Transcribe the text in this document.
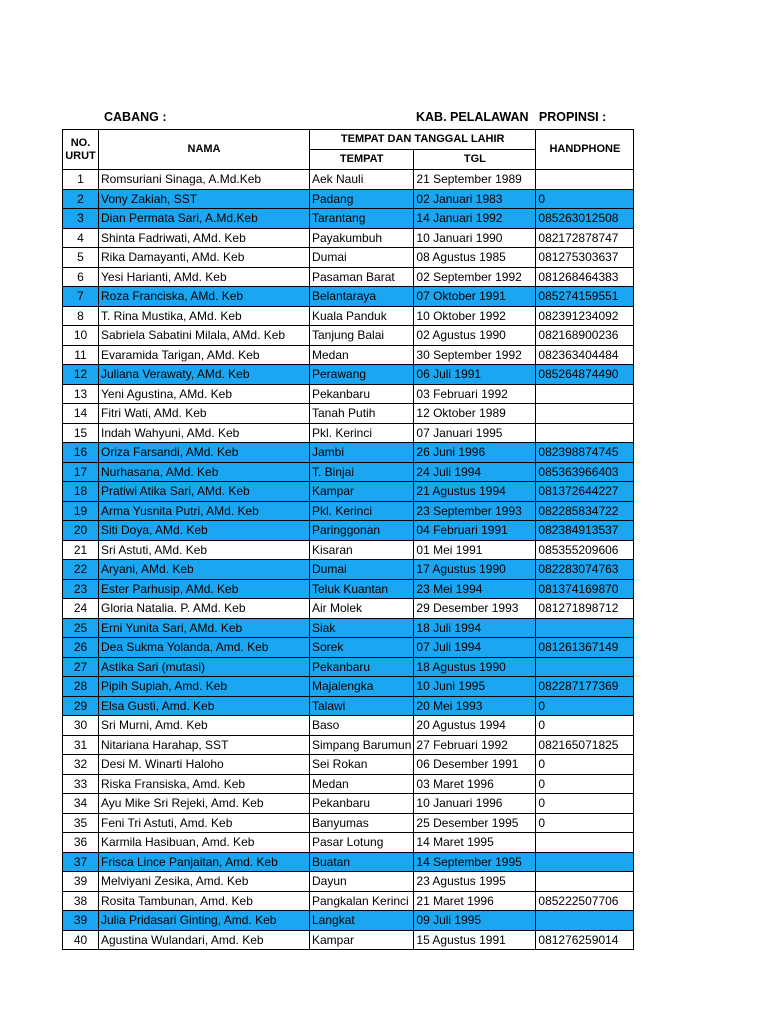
CABANG :	KAB. PELALAWAN   PROPINSI :
NO. URUT	NAMA	TEMPAT DAN TANGGAL LAHIR		HANDPHONE
		TEMPAT	TGL	
1	Romsuriani Sinaga, A.Md.Keb	Aek Nauli	21 September 1989	
2	Vony Zakiah, SST	Padang	02 Januari 1983	0
3	Dian Permata Sari, A.Md.Keb	Tarantang	14 Januari 1992	085263012508
4	Shinta Fadriwati, AMd. Keb	Payakumbuh	10 Januari 1990	082172878747
5	Rika Damayanti, AMd. Keb	Dumai	08 Agustus 1985	081275303637
6	Yesi Harianti, AMd. Keb	Pasaman Barat	02 September 1992	081268464383
7	Roza Franciska, AMd. Keb	Belantaraya	07 Oktober 1991	085274159551
8	T. Rina Mustika, AMd. Keb	Kuala Panduk	10 Oktober 1992	082391234092
10	Sabriela Sabatini Milala, AMd. Keb	Tanjung Balai	02 Agustus 1990	082168900236
11	Evaramida Tarigan, AMd. Keb	Medan	30 September 1992	082363404484
12	Juliana Verawaty, AMd. Keb	Perawang	06 Juli 1991	085264874490
13	Yeni Agustina, AMd. Keb	Pekanbaru	03 Februari 1992	
14	Fitri Wati, AMd. Keb	Tanah Putih	12 Oktober 1989	
15	Indah Wahyuni, AMd. Keb	Pkl. Kerinci	07 Januari 1995	
16	Oriza Farsandi, AMd. Keb	Jambi	26 Juni 1996	082398874745
17	Nurhasana, AMd. Keb	T. Binjai	24 Juli 1994	085363966403
18	Pratiwi Atika Sari, AMd. Keb	Kampar	21 Agustus 1994	081372644227
19	Arma Yusnita Putri, AMd. Keb	Pkl. Kerinci	23 September 1993	082285834722
20	Siti Doya, AMd. Keb	Paringgonan	04 Februari 1991	082384913537
21	Sri Astuti, AMd. Keb	Kisaran	01 Mei 1991	085355209606
22	Aryani, AMd. Keb	Dumai	17 Agustus 1990	082283074763
23	Ester Parhusip, AMd. Keb	Teluk Kuantan	23 Mei 1994	081374169870
24	Gloria Natalia. P. AMd. Keb	Air Molek	29 Desember 1993	081271898712
25	Erni Yunita Sari, AMd. Keb	Siak	18 Juli 1994	
26	Dea Sukma Yolanda, Amd. Keb	Sorek	07 Juli 1994	081261367149
27	Astika Sari (mutasi)	Pekanbaru	18 Agustus 1990	
28	Pipih Supiah, Amd. Keb	Majalengka	10 Juni 1995	082287177369
29	Elsa Gusti, Amd. Keb	Talawi	20 Mei 1993	0
30	Sri Murni, Amd. Keb	Baso	20 Agustus 1994	0
31	Nitariana Harahap, SST	Simpang Barumun	27 Februari 1992	082165071825
32	Desi M. Winarti Haloho	Sei Rokan	06 Desember 1991	0
33	Riska Fransiska, Amd. Keb	Medan	03 Maret 1996	0
34	Ayu Mike Sri Rejeki, Amd. Keb	Pekanbaru	10 Januari 1996	0
35	Feni Tri Astuti, Amd. Keb	Banyumas	25 Desember 1995	0
36	Karmila Hasibuan, Amd. Keb	Pasar Lotung	14 Maret 1995	
37	Frisca Lince Panjaitan, Amd. Keb	Buatan	14 September 1995	
39	Melviyani Zesika, Amd. Keb	Dayun	23 Agustus 1995	
38	Rosita Tambunan, Amd. Keb	Pangkalan Kerinci	21 Maret 1996	085222507706
39	Julia Pridasari Ginting, Amd. Keb	Langkat	09 Juli 1995	
40	Agustina Wulandari, Amd. Keb	Kampar	15 Agustus 1991	081276259014
